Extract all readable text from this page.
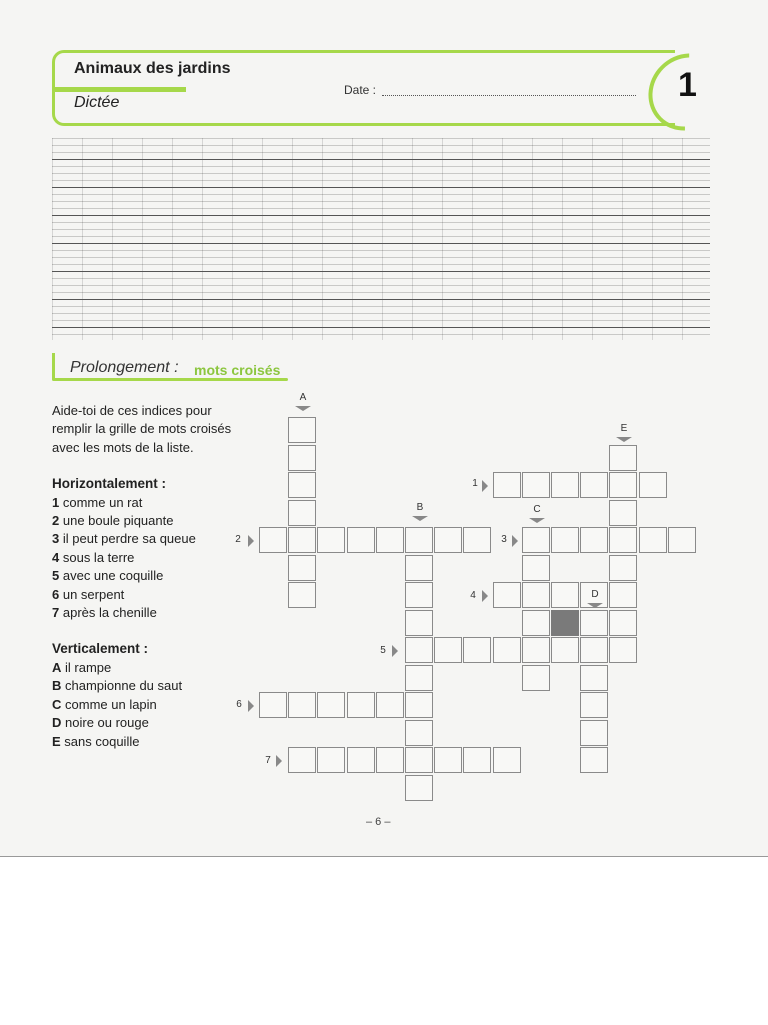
Animaux des jardins
Dictée
Date :	1
Prolongement : mots croisés

Aide-toi de ces indices pour remplir la grille de mots croisés avec les mots de la liste.

Horizontalement :

1 comme un rat

2 une boule piquante

3 il peut perdre sa queue

4 sous la terre

5 avec une coquille

6 un serpent

7 après la chenille

Verticalement :

A il rampe

B championne du saut

C comme un lapin

D noire ou rouge

E sans coquille

A
B	C
D
E
1
2	3
4
5
6
7
– 6 –
